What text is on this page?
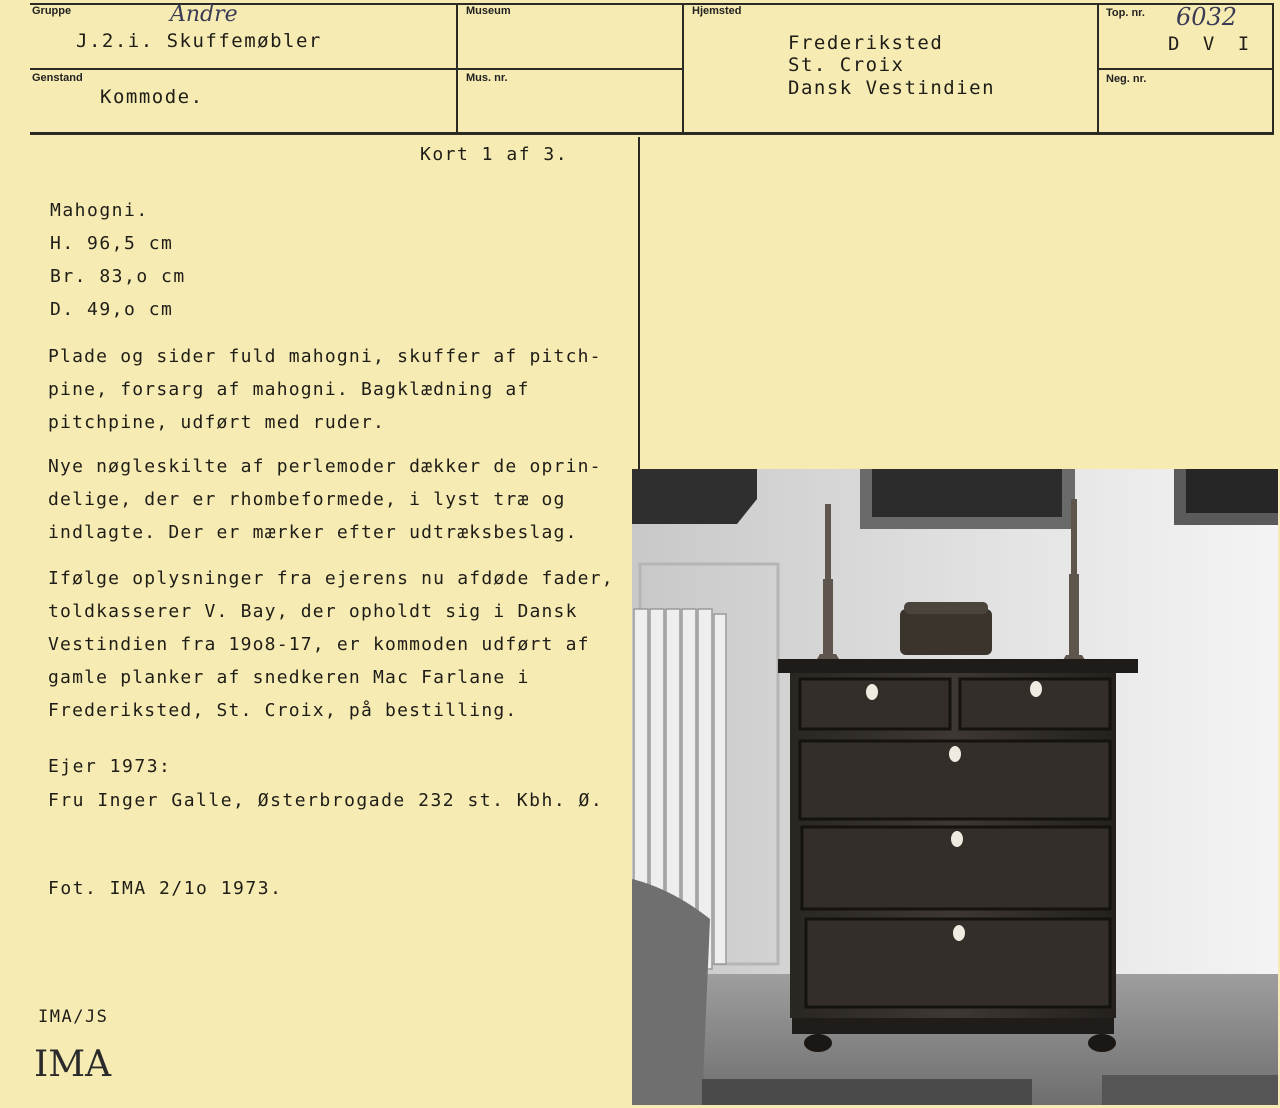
Gruppe	Andre
J.2.i. Skuffemøbler
Museum
Mus. nr.
Hjemsted
Frederiksted
St. Croix
Dansk Vestindien
Top. nr. 6032
D V I
Neg. nr.
Genstand
Kommode.
Kort 1 af 3.
Mahogni.
H. 96,5 cm
Br. 83,o cm
D. 49,o cm

Plade og sider fuld mahogni, skuffer af pitch-

pine, forsarg af mahogni. Bagklædning af

pitchpine, udført med ruder.

Nye nøgleskilte af perlemoder dækker de oprin-

delige, der er rhombeformede, i lyst træ og

indlagte. Der er mærker efter udtræksbeslag.

Ifølge oplysninger fra ejerens nu afdøde fader,

toldkasserer V. Bay, der opholdt sig i Dansk

Vestindien fra 19o8-17, er kommoden udført af

gamle planker af snedkeren Mac Farlane i

Frederiksted, St. Croix, på bestilling.

Ejer 1973:
Fru Inger Galle, Østerbrogade 232 st. Kbh. Ø.
Fot. IMA 2/1o 1973.
IMA/JS
IMA
